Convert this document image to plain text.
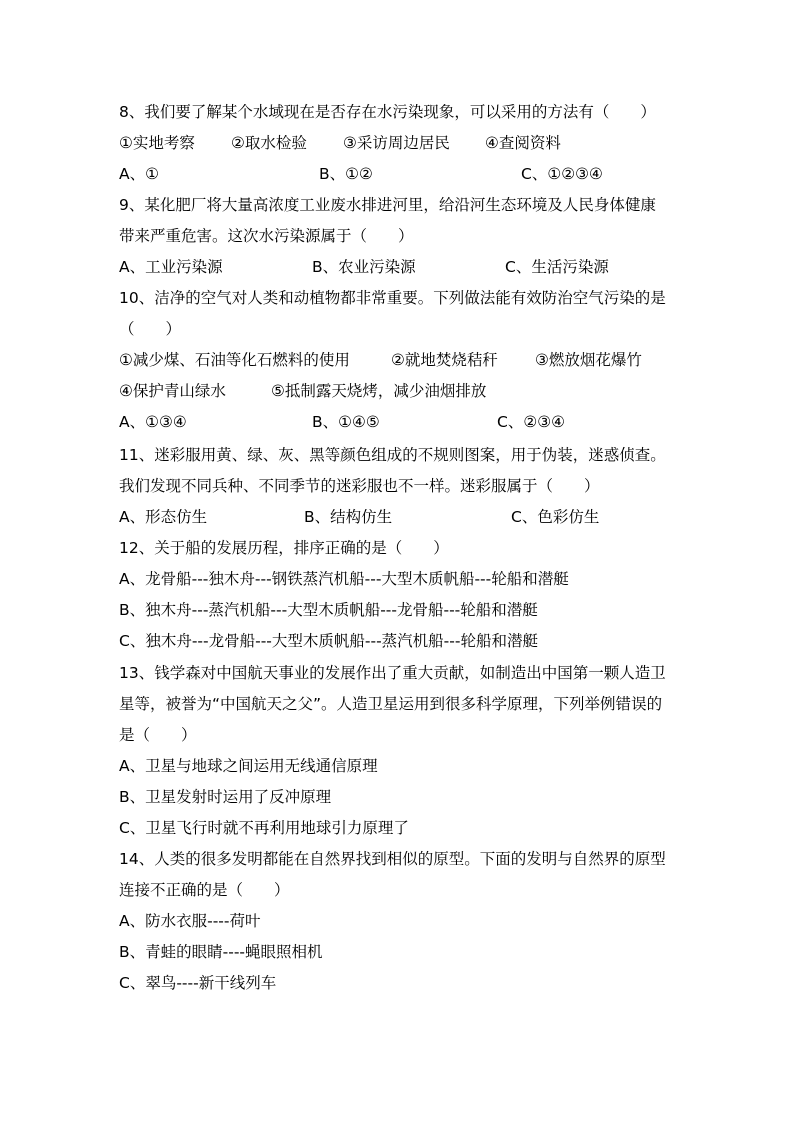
8、我们要了解某个水域现在是否存在水污染现象，可以采用的方法有（　　）
①实地考察 ②取水检验 ③采访周边居民 ④查阅资料
A、①	B、①②	C、①②③④
9、某化肥厂将大量高浓度工业废水排进河里，给沿河生态环境及人民身体健康
带来严重危害。这次水污染源属于（　　）
A、工业污染源	B、农业污染源	C、生活污染源
10、洁净的空气对人类和动植物都非常重要。下列做法能有效防治空气污染的是
（　　）
①减少煤、石油等化石燃料的使用	②就地焚烧秸秆 ③燃放烟花爆竹
④保护青山绿水	⑤抵制露天烧烤，减少油烟排放
A、①③④	B、①④⑤	C、②③④
11、迷彩服用黄、绿、灰、黑等颜色组成的不规则图案，用于伪装，迷惑侦查。
我们发现不同兵种、不同季节的迷彩服也不一样。迷彩服属于（　　）
A、形态仿生	B、结构仿生	C、色彩仿生
12、关于船的发展历程，排序正确的是（　　）
A、龙骨船---独木舟---钢铁蒸汽机船---大型木质帆船---轮船和潜艇
B、独木舟---蒸汽机船---大型木质帆船---龙骨船---轮船和潜艇
C、独木舟---龙骨船---大型木质帆船---蒸汽机船---轮船和潜艇
13、钱学森对中国航天事业的发展作出了重大贡献，如制造出中国第一颗人造卫
星等，被誉为“中国航天之父”。人造卫星运用到很多科学原理，下列举例错误的
是（　　）
A、卫星与地球之间运用无线通信原理
B、卫星发射时运用了反冲原理
C、卫星飞行时就不再利用地球引力原理了
14、人类的很多发明都能在自然界找到相似的原型。下面的发明与自然界的原型
连接不正确的是（　　）
A、防水衣服----荷叶
B、青蛙的眼睛----蝇眼照相机
C、翠鸟----新干线列车
